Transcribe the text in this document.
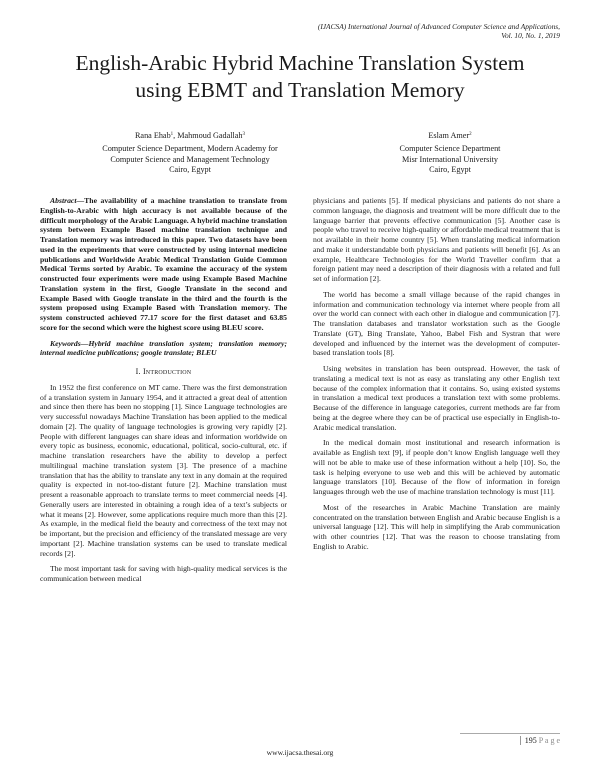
(IJACSA) International Journal of Advanced Computer Science and Applications,
Vol. 10, No. 1, 2019
English-Arabic Hybrid Machine Translation System
using EBMT and Translation Memory
Rana Ehab$^1$, Mahmoud Gadallah$^3$
Computer Science Department, Modern Academy for
Computer Science and Management Technology
Cairo, Egypt
Eslam Amer$^2$
Computer Science Department
Misr International University
Cairo, Egypt

Abstract—The availability of a machine translation to translate from English-to-Arabic with high accuracy is not available because of the difficult morphology of the Arabic Language. A hybrid machine translation system between Example Based machine translation technique and Translation memory was introduced in this paper. Two datasets have been used in the experiments that were constructed by using internal medicine publications and Worldwide Arabic Medical Translation Guide Common Medical Terms sorted by Arabic. To examine the accuracy of the system constructed four experiments were made using Example Based Machine Translation system in the first, Google Translate in the second and Example Based with Google translate in the third and the fourth is the system proposed using Example Based with Translation memory. The system constructed achieved 77.17 score for the first dataset and 63.85 score for the second which were the highest score using BLEU score.

Keywords—Hybrid machine translation system; translation memory; internal medicine publications; google translate; BLEU

I. Introduction

In 1952 the first conference on MT came. There was the first demonstration of a translation system in January 1954, and it attracted a great deal of attention and since then there has been no stopping [1]. Since Language technologies are very successful nowadays Machine Translation has been applied to the medical domain [2]. The quality of language technologies is growing very rapidly [2]. People with different languages can share ideas and information worldwide on every topic as business, economic, educational, political, socio-cultural, etc. if machine translation researchers have the ability to develop a perfect multilingual machine translation system [3]. The presence of a machine translation that has the ability to translate any text in any domain at the required quality is expected in not-too-distant future [2]. Machine translation must present a reasonable approach to translate terms to meet commercial needs [4]. Generally users are interested in obtaining a rough idea of a text’s subjects or what it means [2]. However, some applications require much more than this [2]. As example, in the medical field the beauty and correctness of the text may not be important, but the precision and efficiency of the translated message are very important [2]. Machine translation systems can be used to translate medical records [2].

The most important task for saving with high-quality medical services is the communication between medical

physicians and patients [5]. If medical physicians and patients do not share a common language, the diagnosis and treatment will be more difficult due to the language barrier that prevents effective communication [5]. Another case is people who travel to receive high-quality or affordable medical treatment that is not available in their home country [5]. When translating medical information and make it understandable both physicians and patients will benefit [6]. As an example, Healthcare Technologies for the World Traveller confirm that a foreign patient may need a description of their diagnosis with a related and full set of information [2].

The world has become a small village because of the rapid changes in information and communication technology via internet where people from all over the world can connect with each other in dialogue and communication [7]. The translation databases and translator workstation such as the Google Translate (GT), Bing Translate, Yahoo, Babel Fish and Systran that were developed and influenced by the internet was the development of computer-based translation tools [8].

Using websites in translation has been outspread. However, the task of translating a medical text is not as easy as translating any other English text because of the complex information that it contains. So, using existed systems in translation a medical text produces a translation text with some problems. Because of the difference in language categories, current methods are far from being at the degree where they can be of practical use especially in English-to-Arabic medical translation.

In the medical domain most institutional and research information is available as English text [9], if people don’t know English language well they will not be able to make use of these information without a help [10]. So, the task is helping everyone to use web and this will be achieved by automatic language translators [10]. Because of the flow of information in foreign languages through web the use of machine translation technology is must [11].

Most of the researches in Arabic Machine Translation are mainly concentrated on the translation between English and Arabic because English is a universal language [12]. This will help in simplifying the Arab communication with other countries [12]. That was the reason to choose translating from English to Arabic.

195 P a g e
www.ijacsa.thesai.org
